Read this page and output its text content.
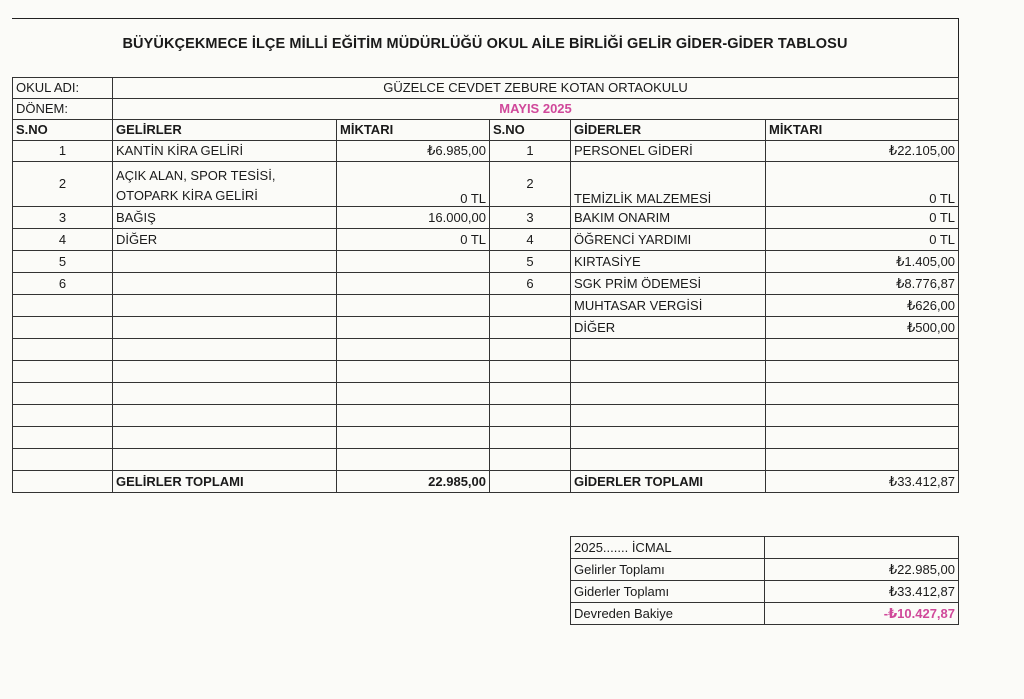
BÜYÜKÇEKMECE İLÇE MİLLİ EĞİTİM MÜDÜRLÜĞÜ OKUL AİLE BİRLİĞİ GELİR GİDER-GİDER TABLOSU
OKUL ADI:	GÜZELCE CEVDET ZEBURE KOTAN ORTAOKULU				
DÖNEM:	MAYIS 2025				
S.NO	GELİRLER	MİKTARI	S.NO	GİDERLER	MİKTARI
1	KANTİN KİRA GELİRİ	₺6.985,00	1	PERSONEL GİDERİ	₺22.105,00
2	AÇIK ALAN, SPOR TESİSİ, OTOPARK KİRA GELİRİ	0 TL	2	TEMİZLİK MALZEMESİ	0 TL
3	BAĞIŞ	16.000,00	3	BAKIM ONARIM	0 TL
4	DİĞER	0 TL	4	ÖĞRENCİ YARDIMI	0 TL
5			5	KIRTASİYE	₺1.405,00
6			6	SGK PRİM ÖDEMESİ	₺8.776,87
				MUHTASAR VERGİSİ	₺626,00
				DİĞER	₺500,00

	GELİRLER TOPLAMI	22.985,00		GİDERLER TOPLAMI	₺33.412,87
2025....... İCMAL	
Gelirler Toplamı	₺22.985,00
Giderler Toplamı	₺33.412,87
Devreden Bakiye	-₺10.427,87
